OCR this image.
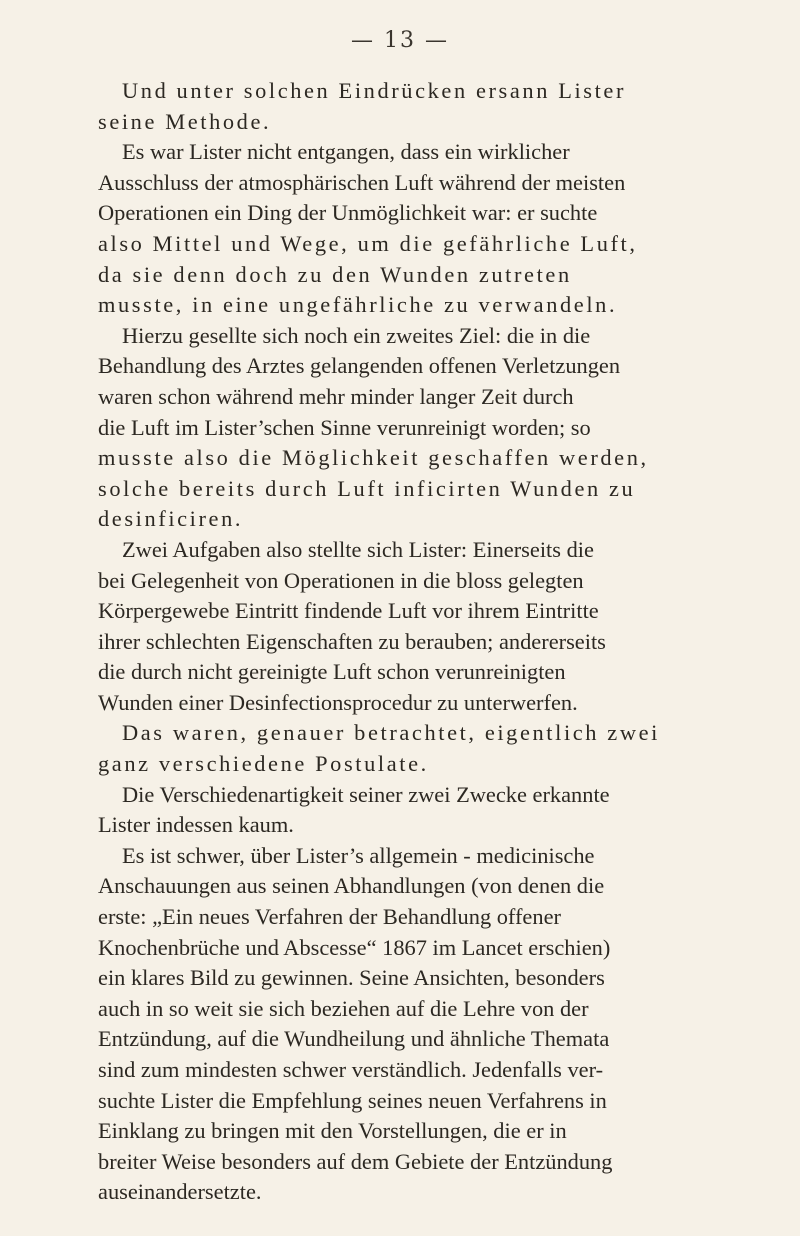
— 13 —
Und unter solchen Eindrücken ersann Lister
seine Methode.
Es war Lister nicht entgangen, dass ein wirklicher
Ausschluss der atmosphärischen Luft während der meisten
Operationen ein Ding der Unmöglichkeit war: er suchte
also Mittel und Wege, um die gefährliche Luft,
da sie denn doch zu den Wunden zutreten
musste, in eine ungefährliche zu verwandeln.
Hierzu gesellte sich noch ein zweites Ziel: die in die
Behandlung des Arztes gelangenden offenen Verletzungen
waren schon während mehr minder langer Zeit durch
die Luft im Lister’schen Sinne verunreinigt worden; so
musste also die Möglichkeit geschaffen werden,
solche bereits durch Luft inficirten Wunden zu
desinficiren.
Zwei Aufgaben also stellte sich Lister: Einerseits die
bei Gelegenheit von Operationen in die bloss gelegten
Körpergewebe Eintritt findende Luft vor ihrem Eintritte
ihrer schlechten Eigenschaften zu berauben; andererseits
die durch nicht gereinigte Luft schon verunreinigten
Wunden einer Desinfectionsprocedur zu unterwerfen.
Das waren, genauer betrachtet, eigentlich zwei
ganz verschiedene Postulate.
Die Verschiedenartigkeit seiner zwei Zwecke erkannte
Lister indessen kaum.
Es ist schwer, über Lister’s allgemein - medicinische
Anschauungen aus seinen Abhandlungen (von denen die
erste: „Ein neues Verfahren der Behandlung offener
Knochenbrüche und Abscesse“ 1867 im Lancet erschien)
ein klares Bild zu gewinnen. Seine Ansichten, besonders
auch in so weit sie sich beziehen auf die Lehre von der
Entzündung, auf die Wundheilung und ähnliche Themata
sind zum mindesten schwer verständlich. Jedenfalls ver-
suchte Lister die Empfehlung seines neuen Verfahrens in
Einklang zu bringen mit den Vorstellungen, die er in
breiter Weise besonders auf dem Gebiete der Entzündung
auseinandersetzte.
